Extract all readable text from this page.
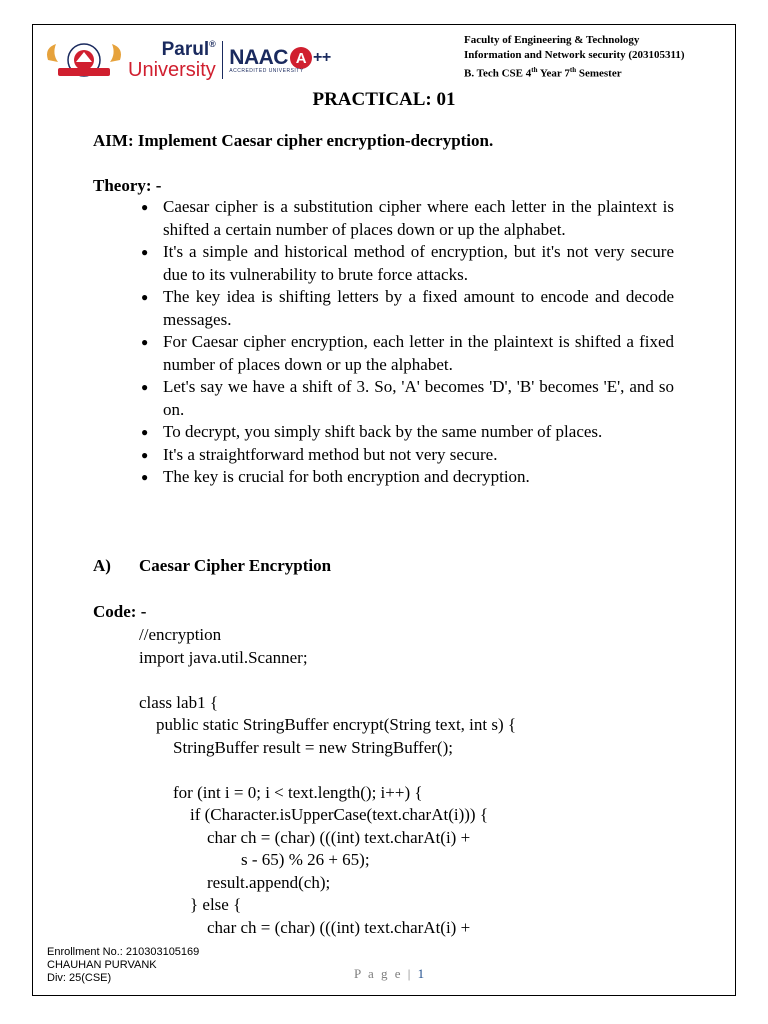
Parul®
University
NAAC A ++
ACCREDITED UNIVERSITY
Faculty of Engineering & Technology
Information and Network security (203105311)
B. Tech CSE 4th Year 7th Semester
PRACTICAL: 01
AIM: Implement Caesar cipher encryption-decryption.
Theory: -
● Caesar cipher is a substitution cipher where each letter in the plaintext is shifted a certain number of places down or up the alphabet.
● It's a simple and historical method of encryption, but it's not very secure due to its vulnerability to brute force attacks.
● The key idea is shifting letters by a fixed amount to encode and decode messages.
● For Caesar cipher encryption, each letter in the plaintext is shifted a fixed number of places down or up the alphabet.
● Let's say we have a shift of 3. So, 'A' becomes 'D', 'B' becomes 'E', and so on.
● To decrypt, you simply shift back by the same number of places.
● It's a straightforward method but not very secure.
● The key is crucial for both encryption and decryption.
A) Caesar Cipher Encryption
Code: -
//encryption
import java.util.Scanner;

class lab1 {
public static StringBuffer encrypt(String text, int s) {
StringBuffer result = new StringBuffer();

for (int i = 0; i < text.length(); i++) {
if (Character.isUpperCase(text.charAt(i))) {
char ch = (char) (((int) text.charAt(i) +
s - 65) % 26 + 65);
result.append(ch);
} else {
char ch = (char) (((int) text.charAt(i) +
Enrollment No.: 210303105169
CHAUHAN PURVANK
Div: 25(CSE)	P a g e | 1
